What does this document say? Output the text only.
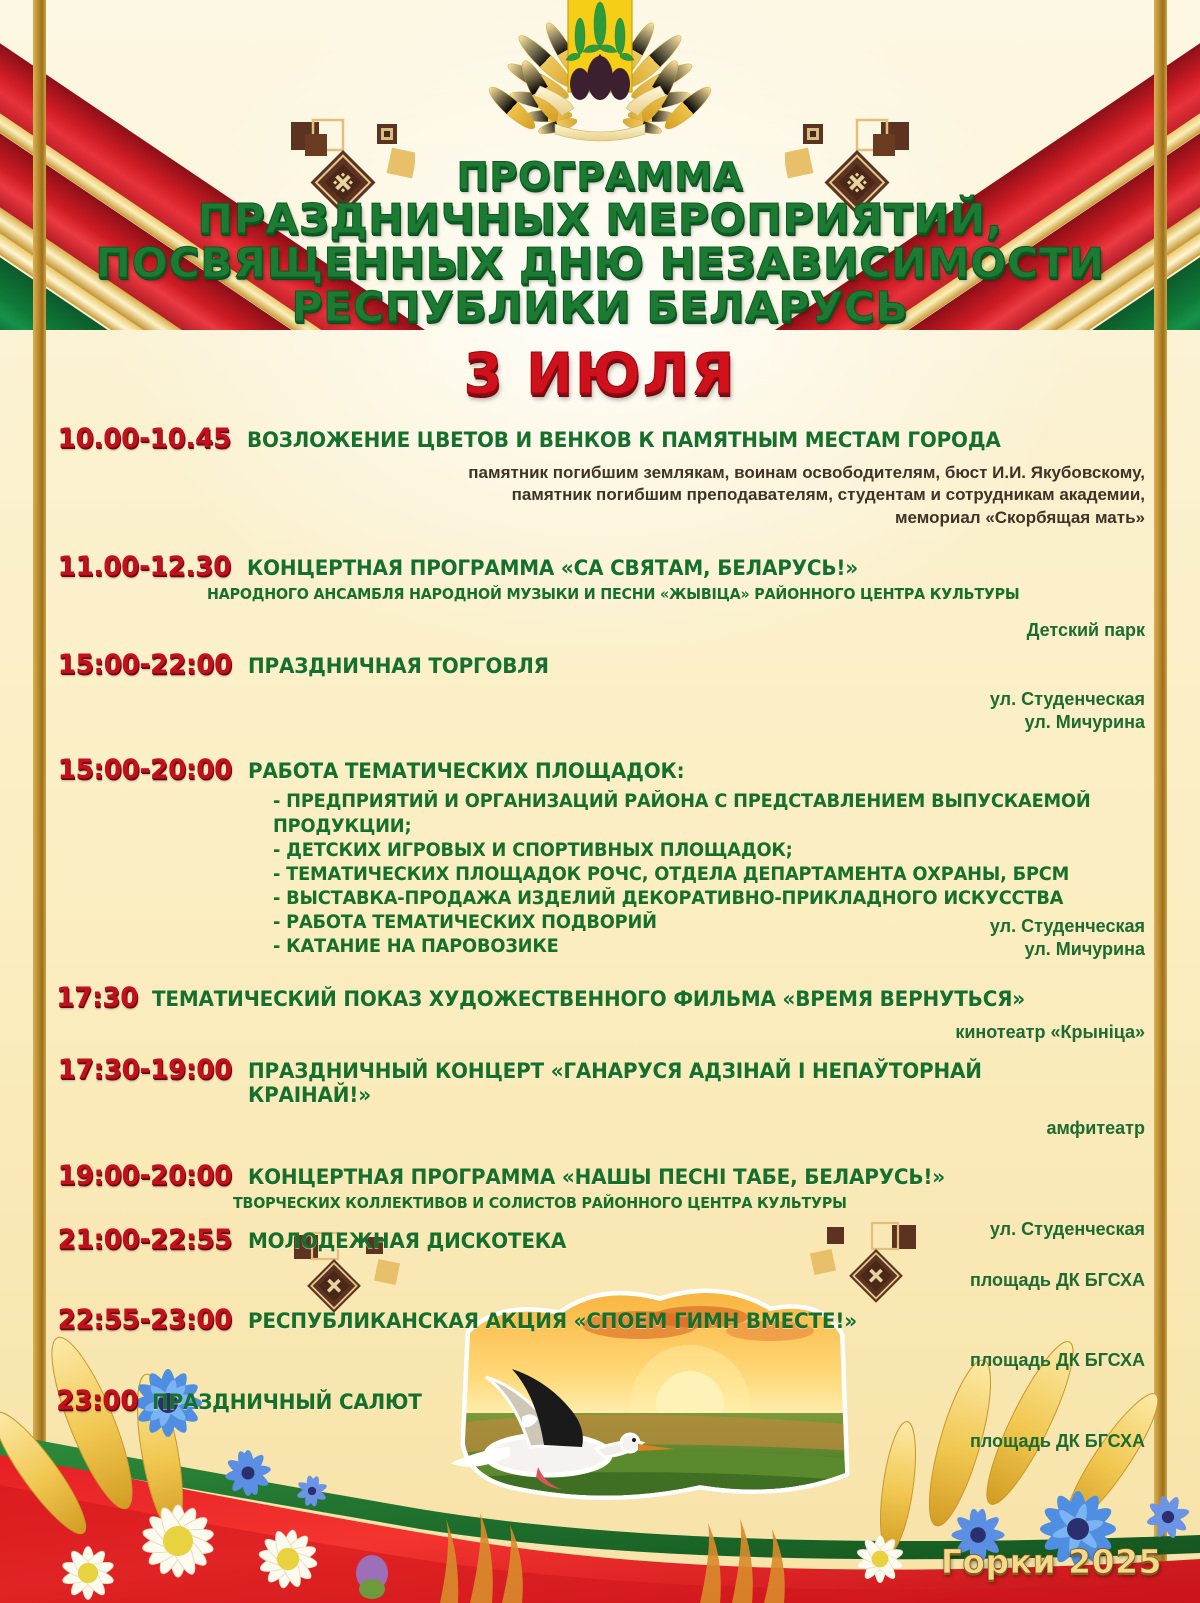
ПРОГРАММА
ПРАЗДНИЧНЫХ МЕРОПРИЯТИЙ,
ПОСВЯЩЕННЫХ ДНЮ НЕЗАВИСИМОСТИ
РЕСПУБЛИКИ БЕЛАРУСЬ
3 ИЮЛЯ
10.00-10.45 ВОЗЛОЖЕНИЕ ЦВЕТОВ И ВЕНКОВ К ПАМЯТНЫМ МЕСТАМ ГОРОДА
памятник погибшим землякам, воинам освободителям, бюст И.И. Якубовскому,
памятник погибшим преподавателям, студентам и сотрудникам академии,
мемориал «Скорбящая мать»
11.00-12.30 КОНЦЕРТНАЯ ПРОГРАММА «СА СВЯТАМ, БЕЛАРУСЬ!»
НАРОДНОГО АНСАМБЛЯ НАРОДНОЙ МУЗЫКИ И ПЕСНИ «ЖЫВІЦА» РАЙОННОГО ЦЕНТРА КУЛЬТУРЫ
Детский парк
15:00-22:00 ПРАЗДНИЧНАЯ ТОРГОВЛЯ
ул. Студенческая
ул. Мичурина
15:00-20:00 РАБОТА ТЕМАТИЧЕСКИХ ПЛОЩАДОК:
- ПРЕДПРИЯТИЙ И ОРГАНИЗАЦИЙ РАЙОНА С ПРЕДСТАВЛЕНИЕМ ВЫПУСКАЕМОЙ
ПРОДУКЦИИ;
- ДЕТСКИХ ИГРОВЫХ И СПОРТИВНЫХ ПЛОЩАДОК;
- ТЕМАТИЧЕСКИХ ПЛОЩАДОК РОЧС, ОТДЕЛА ДЕПАРТАМЕНТА ОХРАНЫ, БРСМ
- ВЫСТАВКА-ПРОДАЖА ИЗДЕЛИЙ ДЕКОРАТИВНО-ПРИКЛАДНОГО ИСКУССТВА
- РАБОТА ТЕМАТИЧЕСКИХ ПОДВОРИЙ
- КАТАНИЕ НА ПАРОВОЗИКЕ
ул. Студенческая
ул. Мичурина
17:30 ТЕМАТИЧЕСКИЙ ПОКАЗ ХУДОЖЕСТВЕННОГО ФИЛЬМА «ВРЕМЯ ВЕРНУТЬСЯ»
кинотеатр «Крыніца»
17:30-19:00 ПРАЗДНИЧНЫЙ КОНЦЕРТ «ГАНАРУСЯ АДЗІНАЙ І НЕПАЎТОРНАЙ КРАІНАЙ!»
амфитеатр
19:00-20:00 КОНЦЕРТНАЯ ПРОГРАММА «НАШЫ ПЕСНІ ТАБЕ, БЕЛАРУСЬ!»
ТВОРЧЕСКИХ КОЛЛЕКТИВОВ И СОЛИСТОВ РАЙОННОГО ЦЕНТРА КУЛЬТУРЫ
ул. Студенческая
21:00-22:55 МОЛОДЕЖНАЯ ДИСКОТЕКА
площадь ДК БГСХА
22:55-23:00 РЕСПУБЛИКАНСКАЯ АКЦИЯ «СПОЕМ ГИМН ВМЕСТЕ!»
площадь ДК БГСХА
23:00 ПРАЗДНИЧНЫЙ САЛЮТ
площадь ДК БГСХА
Горки 2025
